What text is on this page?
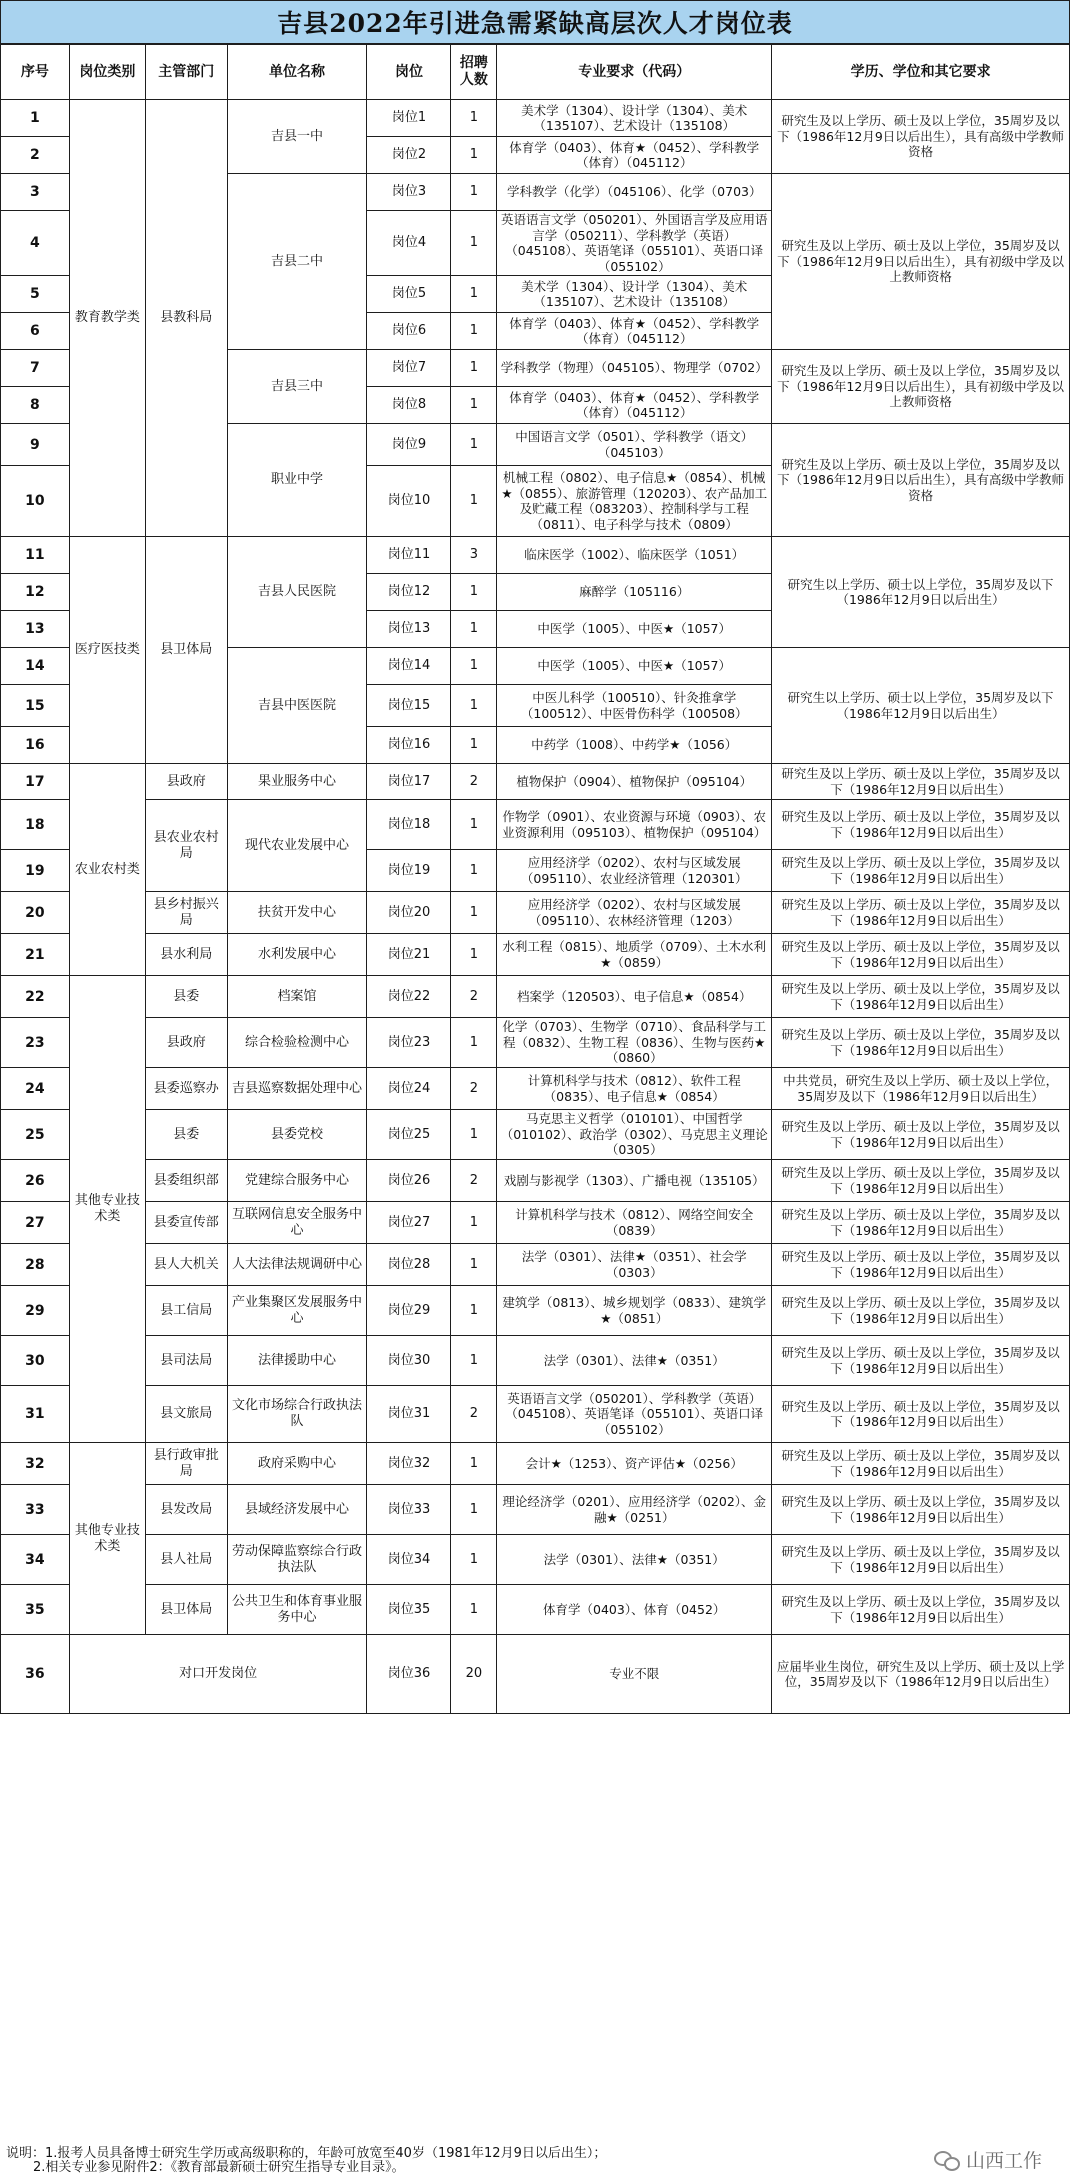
吉县2022年引进急需紧缺高层次人才岗位表
序号	岗位类别	主管部门	单位名称	岗位	招聘人数	专业要求（代码）	学历、学位和其它要求
1	教育教学类	县教科局	吉县一中	岗位1	1	美术学（1304）、设计学（1304）、美术（135107）、艺术设计（135108）	研究生及以上学历、硕士及以上学位，35周岁及以下（1986年12月9日以后出生），具有高级中学教师资格
2				岗位2	1	体育学（0403）、体育★（0452）、学科教学（体育）（045112）	
3			吉县二中	岗位3	1	学科教学（化学）（045106）、化学（0703）	研究生及以上学历、硕士及以上学位，35周岁及以下（1986年12月9日以后出生），具有初级中学及以上教师资格
4				岗位4	1	英语语言文学（050201）、外国语言学及应用语言学（050211）、学科教学（英语）（045108）、英语笔译（055101）、英语口译（055102）	
5				岗位5	1	美术学（1304）、设计学（1304）、美术（135107）、艺术设计（135108）	
6				岗位6	1	体育学（0403）、体育★（0452）、学科教学（体育）（045112）	
7			吉县三中	岗位7	1	学科教学（物理）（045105）、物理学（0702）	研究生及以上学历、硕士及以上学位，35周岁及以下（1986年12月9日以后出生），具有初级中学及以上教师资格
8				岗位8	1	体育学（0403）、体育★（0452）、学科教学（体育）（045112）	
9			职业中学	岗位9	1	中国语言文学（0501）、学科教学（语文）（045103）	研究生及以上学历、硕士及以上学位，35周岁及以下（1986年12月9日以后出生），具有高级中学教师资格
10				岗位10	1	机械工程（0802）、电子信息★（0854）、机械★（0855）、旅游管理（120203）、农产品加工及贮藏工程（083203）、控制科学与工程（0811）、电子科学与技术（0809）	
11	医疗医技类	县卫体局	吉县人民医院	岗位11	3	临床医学（1002）、临床医学（1051）	研究生以上学历、硕士以上学位，35周岁及以下（1986年12月9日以后出生）
12				岗位12	1	麻醉学（105116）	
13				岗位13	1	中医学（1005）、中医★（1057）	
14			吉县中医医院	岗位14	1	中医学（1005）、中医★（1057）	研究生以上学历、硕士以上学位，35周岁及以下（1986年12月9日以后出生）
15				岗位15	1	中医儿科学（100510）、针灸推拿学（100512）、中医骨伤科学（100508）	
16				岗位16	1	中药学（1008）、中药学★（1056）	
17	农业农村类	县政府	果业服务中心	岗位17	2	植物保护（0904）、植物保护（095104）	研究生及以上学历、硕士及以上学位，35周岁及以下（1986年12月9日以后出生）
18		县农业农村局	现代农业发展中心	岗位18	1	作物学（0901）、农业资源与环境（0903）、农业资源利用（095103）、植物保护（095104）	研究生及以上学历、硕士及以上学位，35周岁及以下（1986年12月9日以后出生）
19				岗位19	1	应用经济学（0202）、农村与区域发展（095110）、农业经济管理（120301）	研究生及以上学历、硕士及以上学位，35周岁及以下（1986年12月9日以后出生）
20		县乡村振兴局	扶贫开发中心	岗位20	1	应用经济学（0202）、农村与区域发展（095110）、农林经济管理（1203）	研究生及以上学历、硕士及以上学位，35周岁及以下（1986年12月9日以后出生）
21		县水利局	水利发展中心	岗位21	1	水利工程（0815）、地质学（0709）、土木水利★（0859）	研究生及以上学历、硕士及以上学位，35周岁及以下（1986年12月9日以后出生）
22	其他专业技术类	县委	档案馆	岗位22	2	档案学（120503）、电子信息★（0854）	研究生及以上学历、硕士及以上学位，35周岁及以下（1986年12月9日以后出生）
23		县政府	综合检验检测中心	岗位23	1	化学（0703）、生物学（0710）、食品科学与工程（0832）、生物工程（0836）、生物与医药★（0860）	研究生及以上学历、硕士及以上学位，35周岁及以下（1986年12月9日以后出生）
24		县委巡察办	吉县巡察数据处理中心	岗位24	2	计算机科学与技术（0812）、软件工程（0835）、电子信息★（0854）	中共党员，研究生及以上学历、硕士及以上学位，35周岁及以下（1986年12月9日以后出生）
25		县委	县委党校	岗位25	1	马克思主义哲学（010101）、中国哲学（010102）、政治学（0302）、马克思主义理论（0305）	研究生及以上学历、硕士及以上学位，35周岁及以下（1986年12月9日以后出生）
26		县委组织部	党建综合服务中心	岗位26	2	戏剧与影视学（1303）、广播电视（135105）	研究生及以上学历、硕士及以上学位，35周岁及以下（1986年12月9日以后出生）
27		县委宣传部	互联网信息安全服务中心	岗位27	1	计算机科学与技术（0812）、网络空间安全（0839）	研究生及以上学历、硕士及以上学位，35周岁及以下（1986年12月9日以后出生）
28		县人大机关	人大法律法规调研中心	岗位28	1	法学（0301）、法律★（0351）、社会学（0303）	研究生及以上学历、硕士及以上学位，35周岁及以下（1986年12月9日以后出生）
29		县工信局	产业集聚区发展服务中心	岗位29	1	建筑学（0813）、城乡规划学（0833）、建筑学★（0851）	研究生及以上学历、硕士及以上学位，35周岁及以下（1986年12月9日以后出生）
30		县司法局	法律援助中心	岗位30	1	法学（0301）、法律★（0351）	研究生及以上学历、硕士及以上学位，35周岁及以下（1986年12月9日以后出生）
31		县文旅局	文化市场综合行政执法队	岗位31	2	英语语言文学（050201）、学科教学（英语）（045108）、英语笔译（055101）、英语口译（055102）	研究生及以上学历、硕士及以上学位，35周岁及以下（1986年12月9日以后出生）
32	其他专业技术类	县行政审批局	政府采购中心	岗位32	1	会计★（1253）、资产评估★（0256）	研究生及以上学历、硕士及以上学位，35周岁及以下（1986年12月9日以后出生）
33		县发改局	县域经济发展中心	岗位33	1	理论经济学（0201）、应用经济学（0202）、金融★（0251）	研究生及以上学历、硕士及以上学位，35周岁及以下（1986年12月9日以后出生）
34		县人社局	劳动保障监察综合行政执法队	岗位34	1	法学（0301）、法律★（0351）	研究生及以上学历、硕士及以上学位，35周岁及以下（1986年12月9日以后出生）
35		县卫体局	公共卫生和体育事业服务中心	岗位35	1	体育学（0403）、体育（0452）	研究生及以上学历、硕士及以上学位，35周岁及以下（1986年12月9日以后出生）
36	对口开发岗位			岗位36	20	专业不限	应届毕业生岗位，研究生及以上学历、硕士及以上学位，35周岁及以下（1986年12月9日以后出生）
说明：1.报考人员具备博士研究生学历或高级职称的，年龄可放宽至40岁（1981年12月9日以后出生）；
2.相关专业参见附件2：《教育部最新硕士研究生指导专业目录》。	山西工作
